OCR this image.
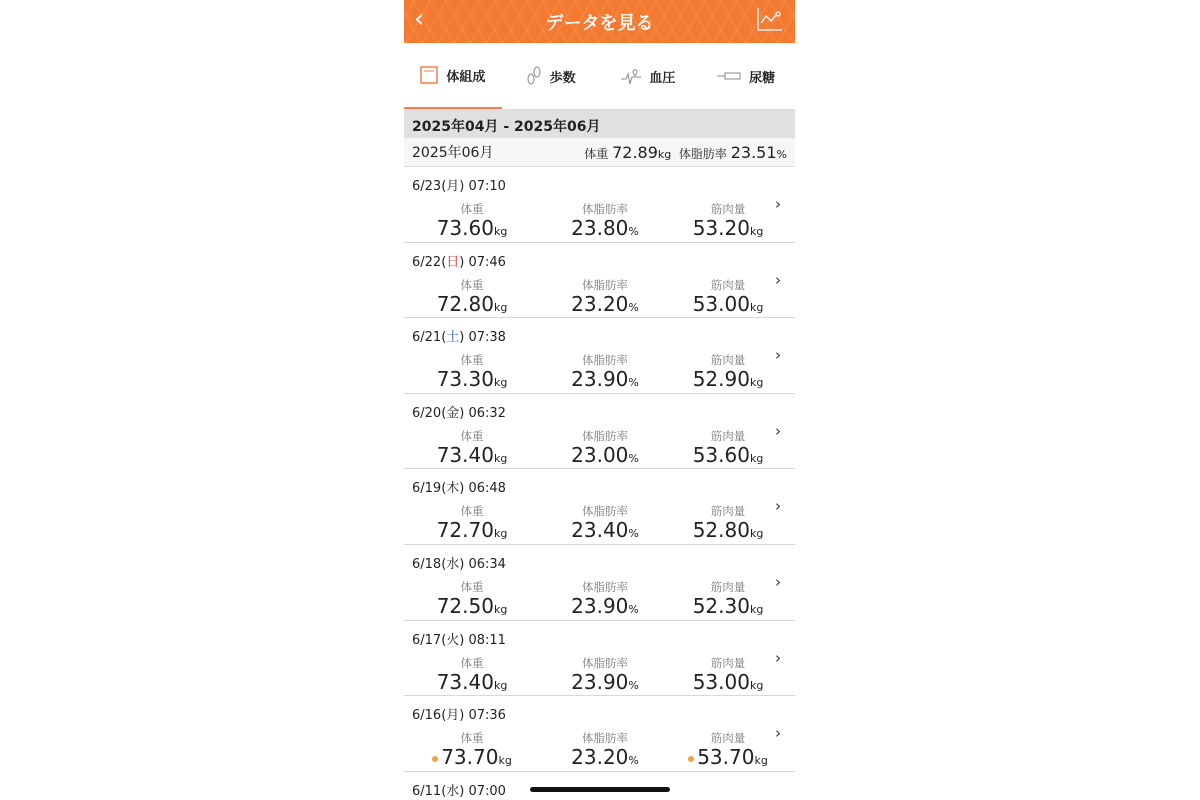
‹	データを見る
体組成	歩数	血圧	尿糖
2025年04月 - 2025年06月
2025年06月	体重 72.89kg 体脂肪率 23.51%
6/23(月) 07:10
体重
73.60kg
体脂肪率
23.80%
筋肉量
53.20kg
›
6/22(日) 07:46
体重
72.80kg
体脂肪率
23.20%
筋肉量
53.00kg
›
6/21(土) 07:38
体重
73.30kg
体脂肪率
23.90%
筋肉量
52.90kg
›
6/20(金) 06:32
体重
73.40kg
体脂肪率
23.00%
筋肉量
53.60kg
›
6/19(木) 06:48
体重
72.70kg
体脂肪率
23.40%
筋肉量
52.80kg
›
6/18(水) 06:34
体重
72.50kg
体脂肪率
23.90%
筋肉量
52.30kg
›
6/17(火) 08:11
体重
73.40kg
体脂肪率
23.90%
筋肉量
53.00kg
›
6/16(月) 07:36
体重
73.70kg
体脂肪率
23.20%
筋肉量
53.70kg
›
6/11(水) 07:00
